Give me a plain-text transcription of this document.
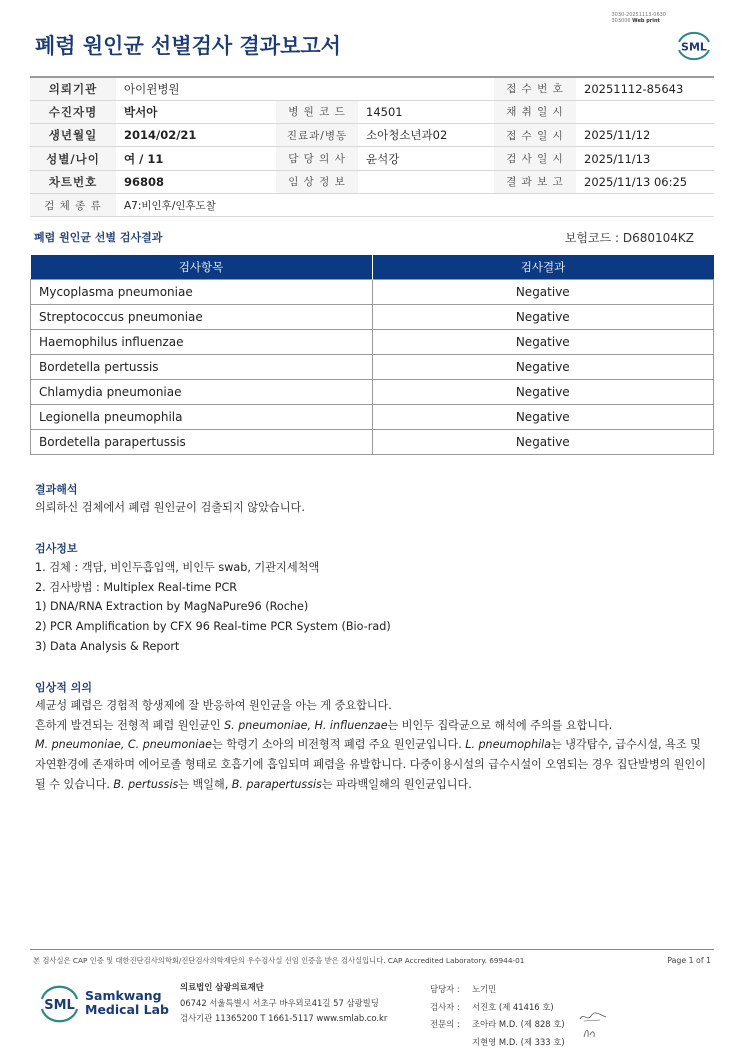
3030-20251113-0630
303006 Web print
폐렴 원인균 선별검사 결과보고서	SML
의뢰기관	아이윈병원			접 수 번 호	20251112-85643
수진자명	박서아	병 원 코 드	14501	채 취 일 시	
생년월일	2014/02/21	진료과/병동	소아청소년과02	접 수 일 시	2025/11/12
성별/나이	여 / 11	담 당 의 사	윤석강	검 사 일 시	2025/11/13
차트번호	96808	임 상 정 보		결 과 보 고	2025/11/13 06:25
검 체 종 류	A7:비인후/인후도찰				
폐렴 원인균 선별 검사결과	보험코드 : D680104KZ
검사항목	검사결과
Mycoplasma pneumoniae	Negative
Streptococcus pneumoniae	Negative
Haemophilus influenzae	Negative
Bordetella pertussis	Negative
Chlamydia pneumoniae	Negative
Legionella pneumophila	Negative
Bordetella parapertussis	Negative
결과해석
의뢰하신 검체에서 폐렴 원인균이 검출되지 않았습니다.
검사정보
1. 검체 : 객담, 비인두흡입액, 비인두 swab, 기관지세척액
2. 검사방법 : Multiplex Real-time PCR
1) DNA/RNA Extraction by MagNaPure96 (Roche)
2) PCR Amplification by CFX 96 Real-time PCR System (Bio-rad)
3) Data Analysis & Report
임상적 의의
세균성 폐렴은 경험적 항생제에 잘 반응하여 원인균을 아는 게 중요합니다.
흔하게 발견되는 전형적 폐렴 원인균인 S. pneumoniae, H. influenzae는 비인두 집락균으로 해석에 주의를 요합니다.
M. pneumoniae, C. pneumoniae는 학령기 소아의 비전형적 폐렴 주요 원인균입니다. L. pneumophila는 냉각탑수, 급수시설, 욕조 및
자연환경에 존재하며 에어로졸 형태로 호흡기에 흡입되며 폐렴을 유발합니다. 다중이용시설의 급수시설이 오염되는 경우 집단발병의 원인이
될 수 있습니다. B. pertussis는 백일해, B. parapertussis는 파라백일해의 원인균입니다.
본 검사실은 CAP 인증 및 대한진단검사의학회/진단검사의학재단의 우수검사실 신임 인증을 받은 검사실입니다. CAP Accredited Laboratory. 69944-01	Page 1 of 1
SML
Samkwang
Medical Lab
의료법인 삼광의료재단
06742 서울특별시 서초구 바우뫼로41길 57 삼광빌딩
검사기관 11365200 T 1661-5117 www.smlab.co.kr
담당자 :	노기민
검사자 :	서진호 (제 41416 호)
전문의 :	조아라 M.D. (제 828 호)
	지현영 M.D. (제 333 호)
